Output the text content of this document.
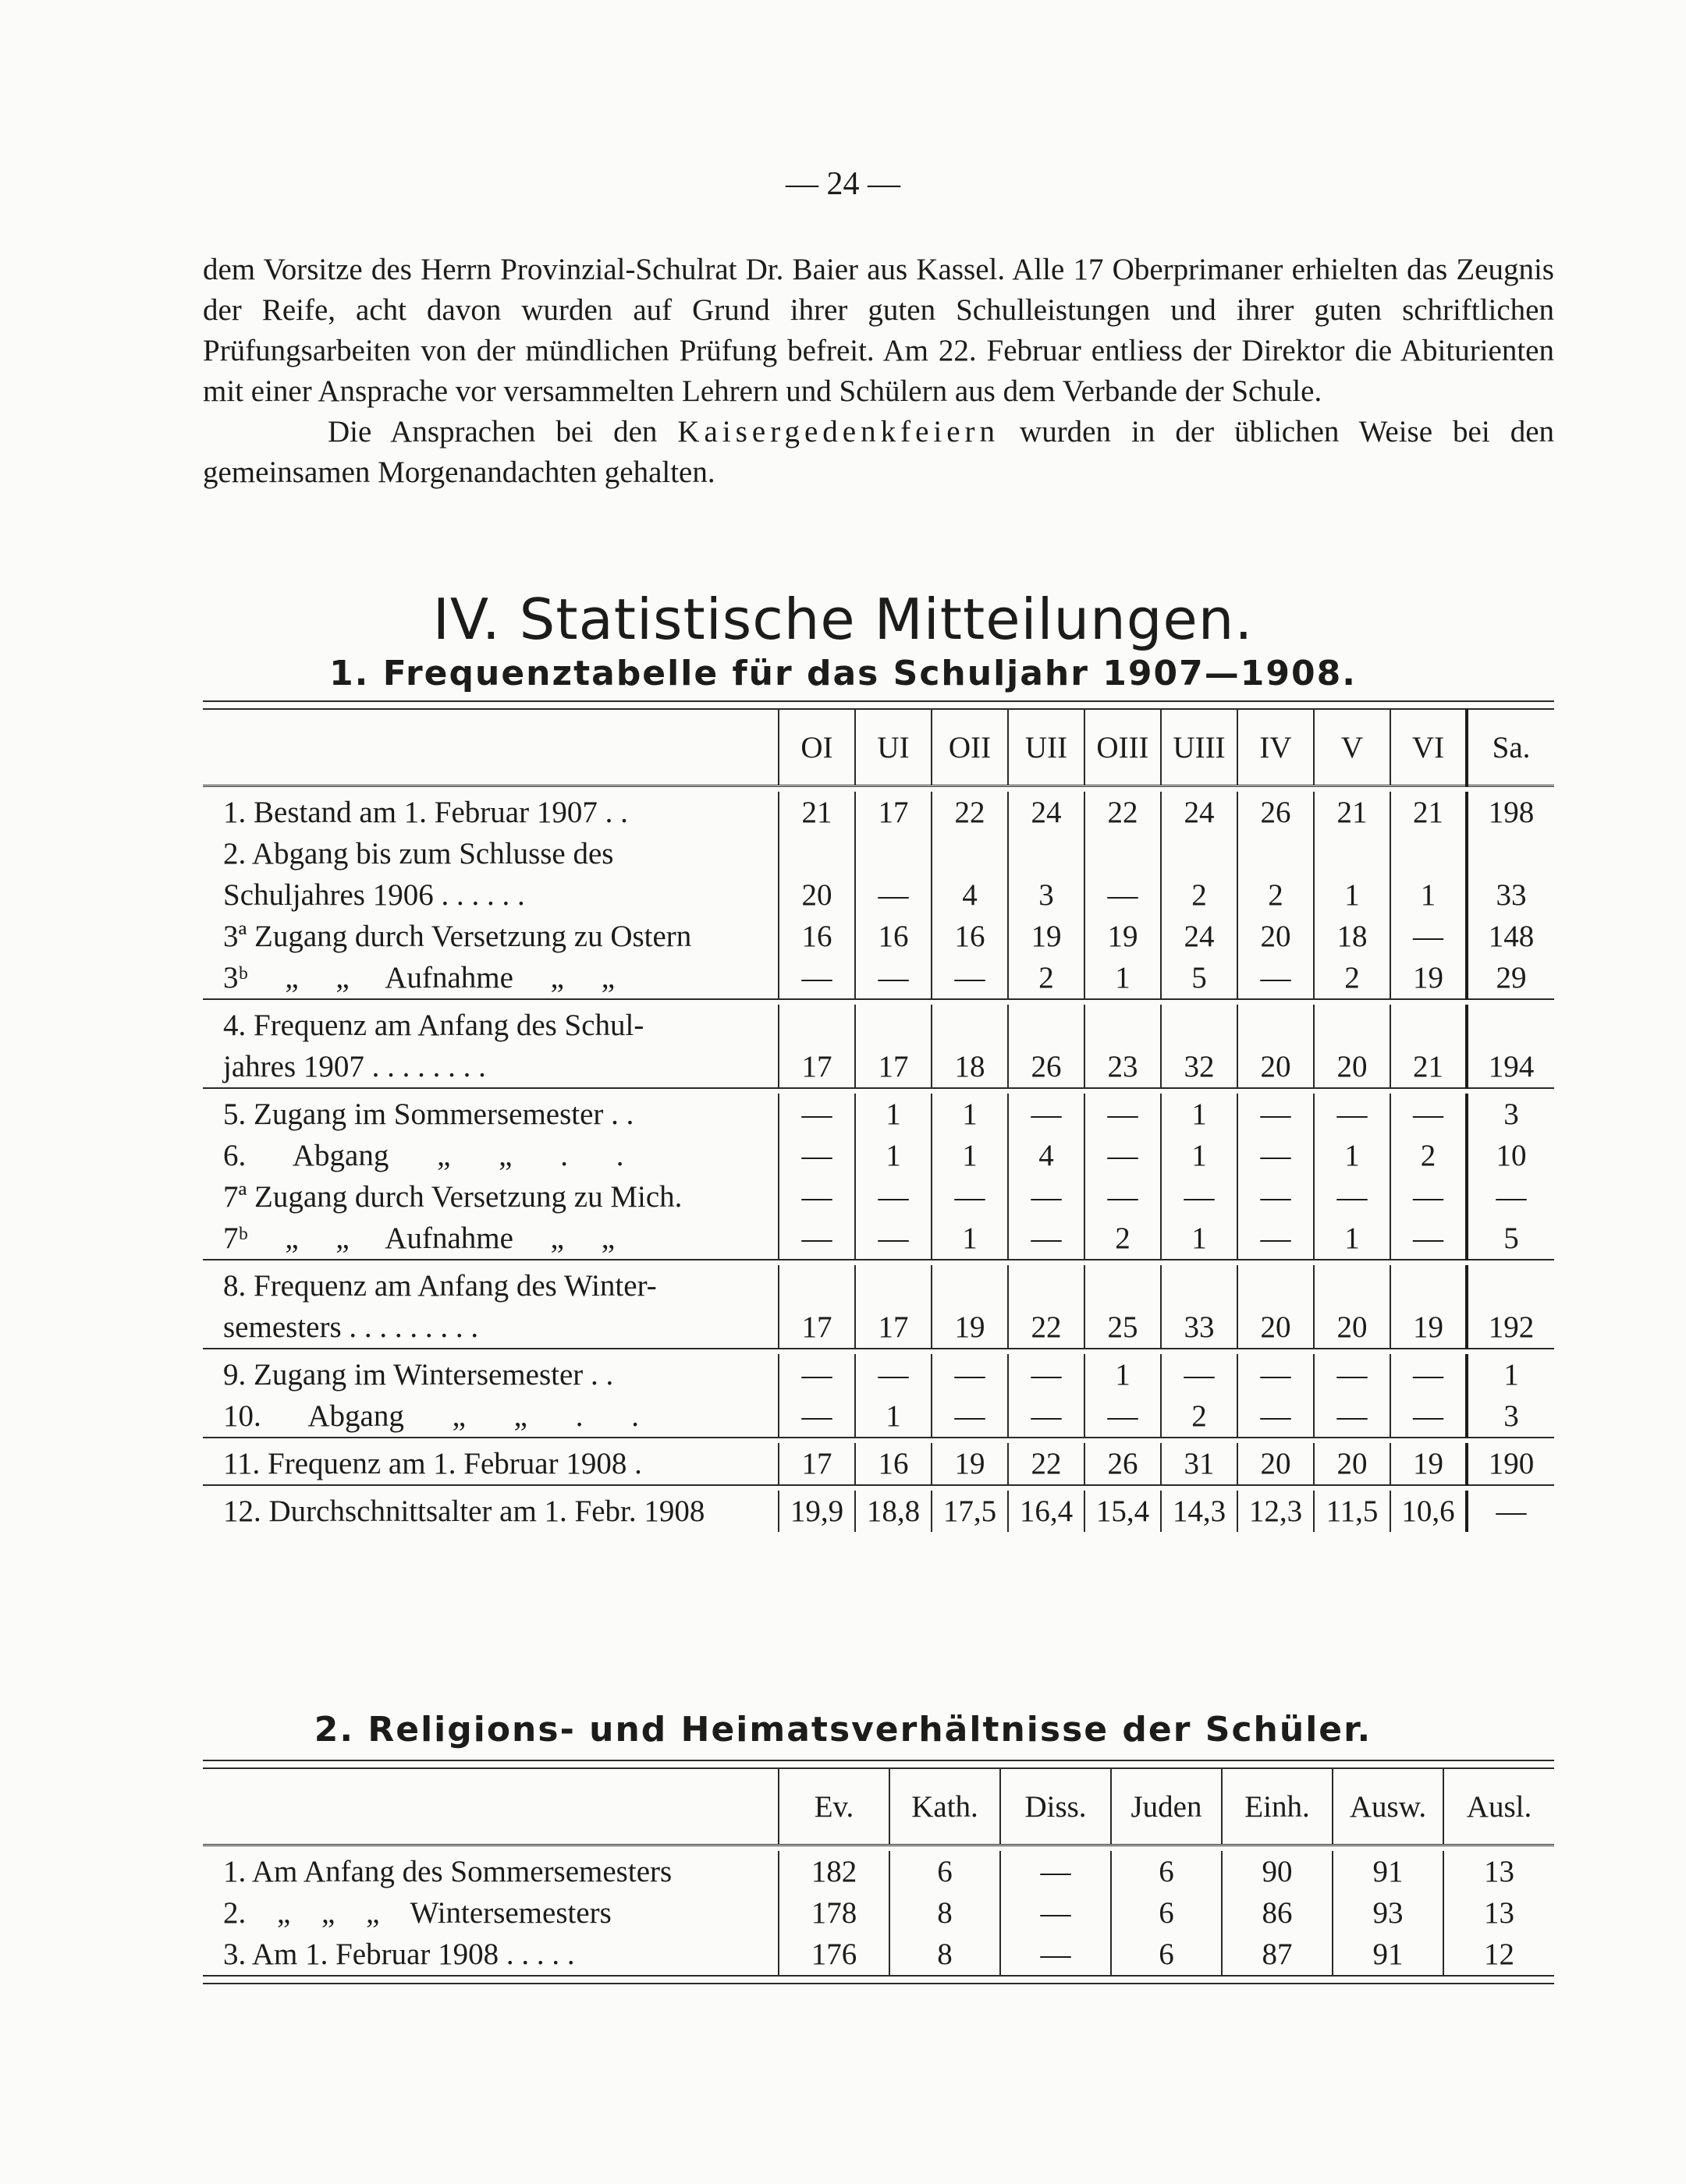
— 24 —

dem Vorsitze des Herrn Provinzial-Schulrat Dr. Baier aus Kassel. Alle 17 Oberprimaner erhielten das Zeugnis der Reife, acht davon wurden auf Grund ihrer guten Schulleistungen und ihrer guten schriftlichen Prüfungsarbeiten von der mündlichen Prüfung befreit. Am 22. Februar entliess der Direktor die Abiturienten mit einer Ansprache vor versammelten Lehrern und Schülern aus dem Verbande der Schule.

Die Ansprachen bei den Kaisergedenkfeiern wurden in der üblichen Weise bei den gemeinsamen Morgenandachten gehalten.

IV. Statistische Mitteilungen.
1. Frequenztabelle für das Schuljahr 1907—1908.

	OI	UI	OII	UII	OIII	UIII	IV	V	VI	Sa.

1. Bestand am 1. Februar 1907 . .	21	17	22	24	22	24	26	21	21	198
2. Abgang bis zum Schlusse des										
Schuljahres 1906 . . . . . .	20	—	4	3	—	2	2	1	1	33
3ª Zugang durch Versetzung zu Ostern	16	16	16	19	19	24	20	18	—	148
3ᵇ „ „ Aufnahme „ „	—	—	—	2	1	5	—	2	19	29

4. Frequenz am Anfang des Schul-										
jahres 1907 . . . . . . . .	17	17	18	26	23	32	20	20	21	194

5. Zugang im Sommersemester . .	—	1	1	—	—	1	—	—	—	3
6. Abgang „ „ . .	—	1	1	4	—	1	—	1	2	10
7ª Zugang durch Versetzung zu Mich.	—	—	—	—	—	—	—	—	—	—
7ᵇ „ „ Aufnahme „ „	—	—	1	—	2	1	—	1	—	5

8. Frequenz am Anfang des Winter-										
semesters . . . . . . . . .	17	17	19	22	25	33	20	20	19	192

9. Zugang im Wintersemester . .	—	—	—	—	1	—	—	—	—	1
10. Abgang „ „ . .	—	1	—	—	—	2	—	—	—	3

11. Frequenz am 1. Februar 1908 .	17	16	19	22	26	31	20	20	19	190

12. Durchschnittsalter am 1. Febr. 1908	19,9	18,8	17,5	16,4	15,4	14,3	12,3	11,5	10,6	—
2. Religions- und Heimatsverhältnisse der Schüler.

	Ev.	Kath.	Diss.	Juden	Einh.	Ausw.	Ausl.

1. Am Anfang des Sommersemesters	182	6	—	6	90	91	13
2. „ „ „ Wintersemesters	178	8	—	6	86	93	13
3. Am 1. Februar 1908 . . . . .	176	8	—	6	87	91	12
